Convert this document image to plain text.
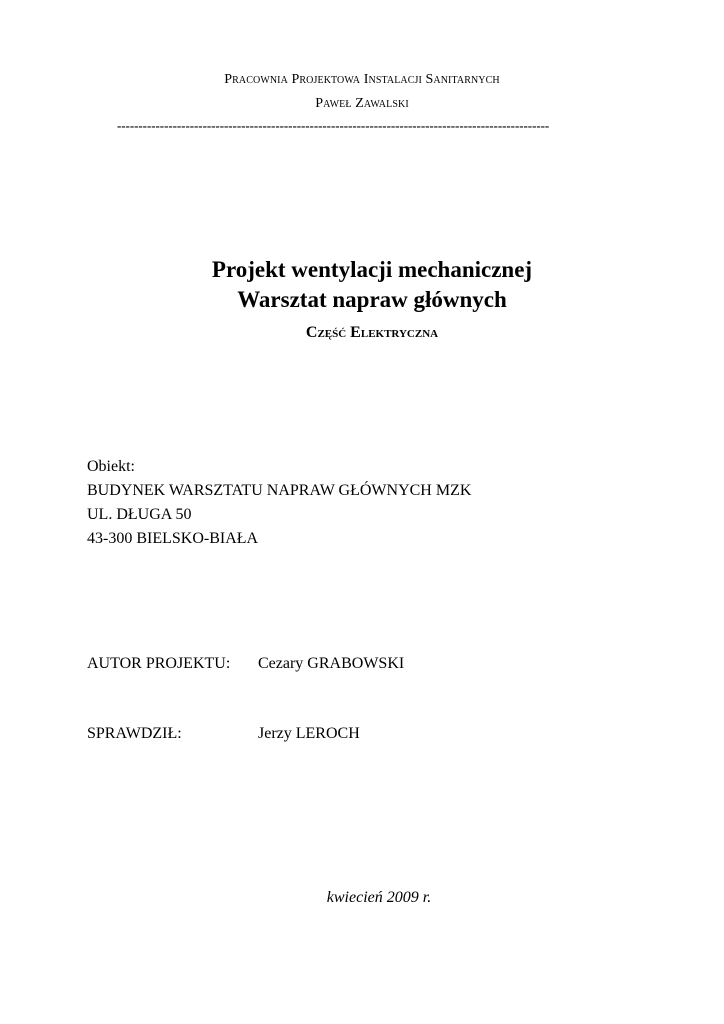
Pracownia Projektowa Instalacji Sanitarnych
Paweł Zawalski
-----------------------------------------------------------------------------------------------------
Projekt wentylacji mechanicznej
Warsztat napraw głównych
Część Elektryczna
Obiekt:
BUDYNEK WARSZTATU NAPRAW GŁÓWNYCH MZK
UL. DŁUGA 50
43-300 BIELSKO-BIAŁA
AUTOR PROJEKTU: Cezary GRABOWSKI
SPRAWDZIŁ:	Jerzy LEROCH
kwiecień 2009 r.
